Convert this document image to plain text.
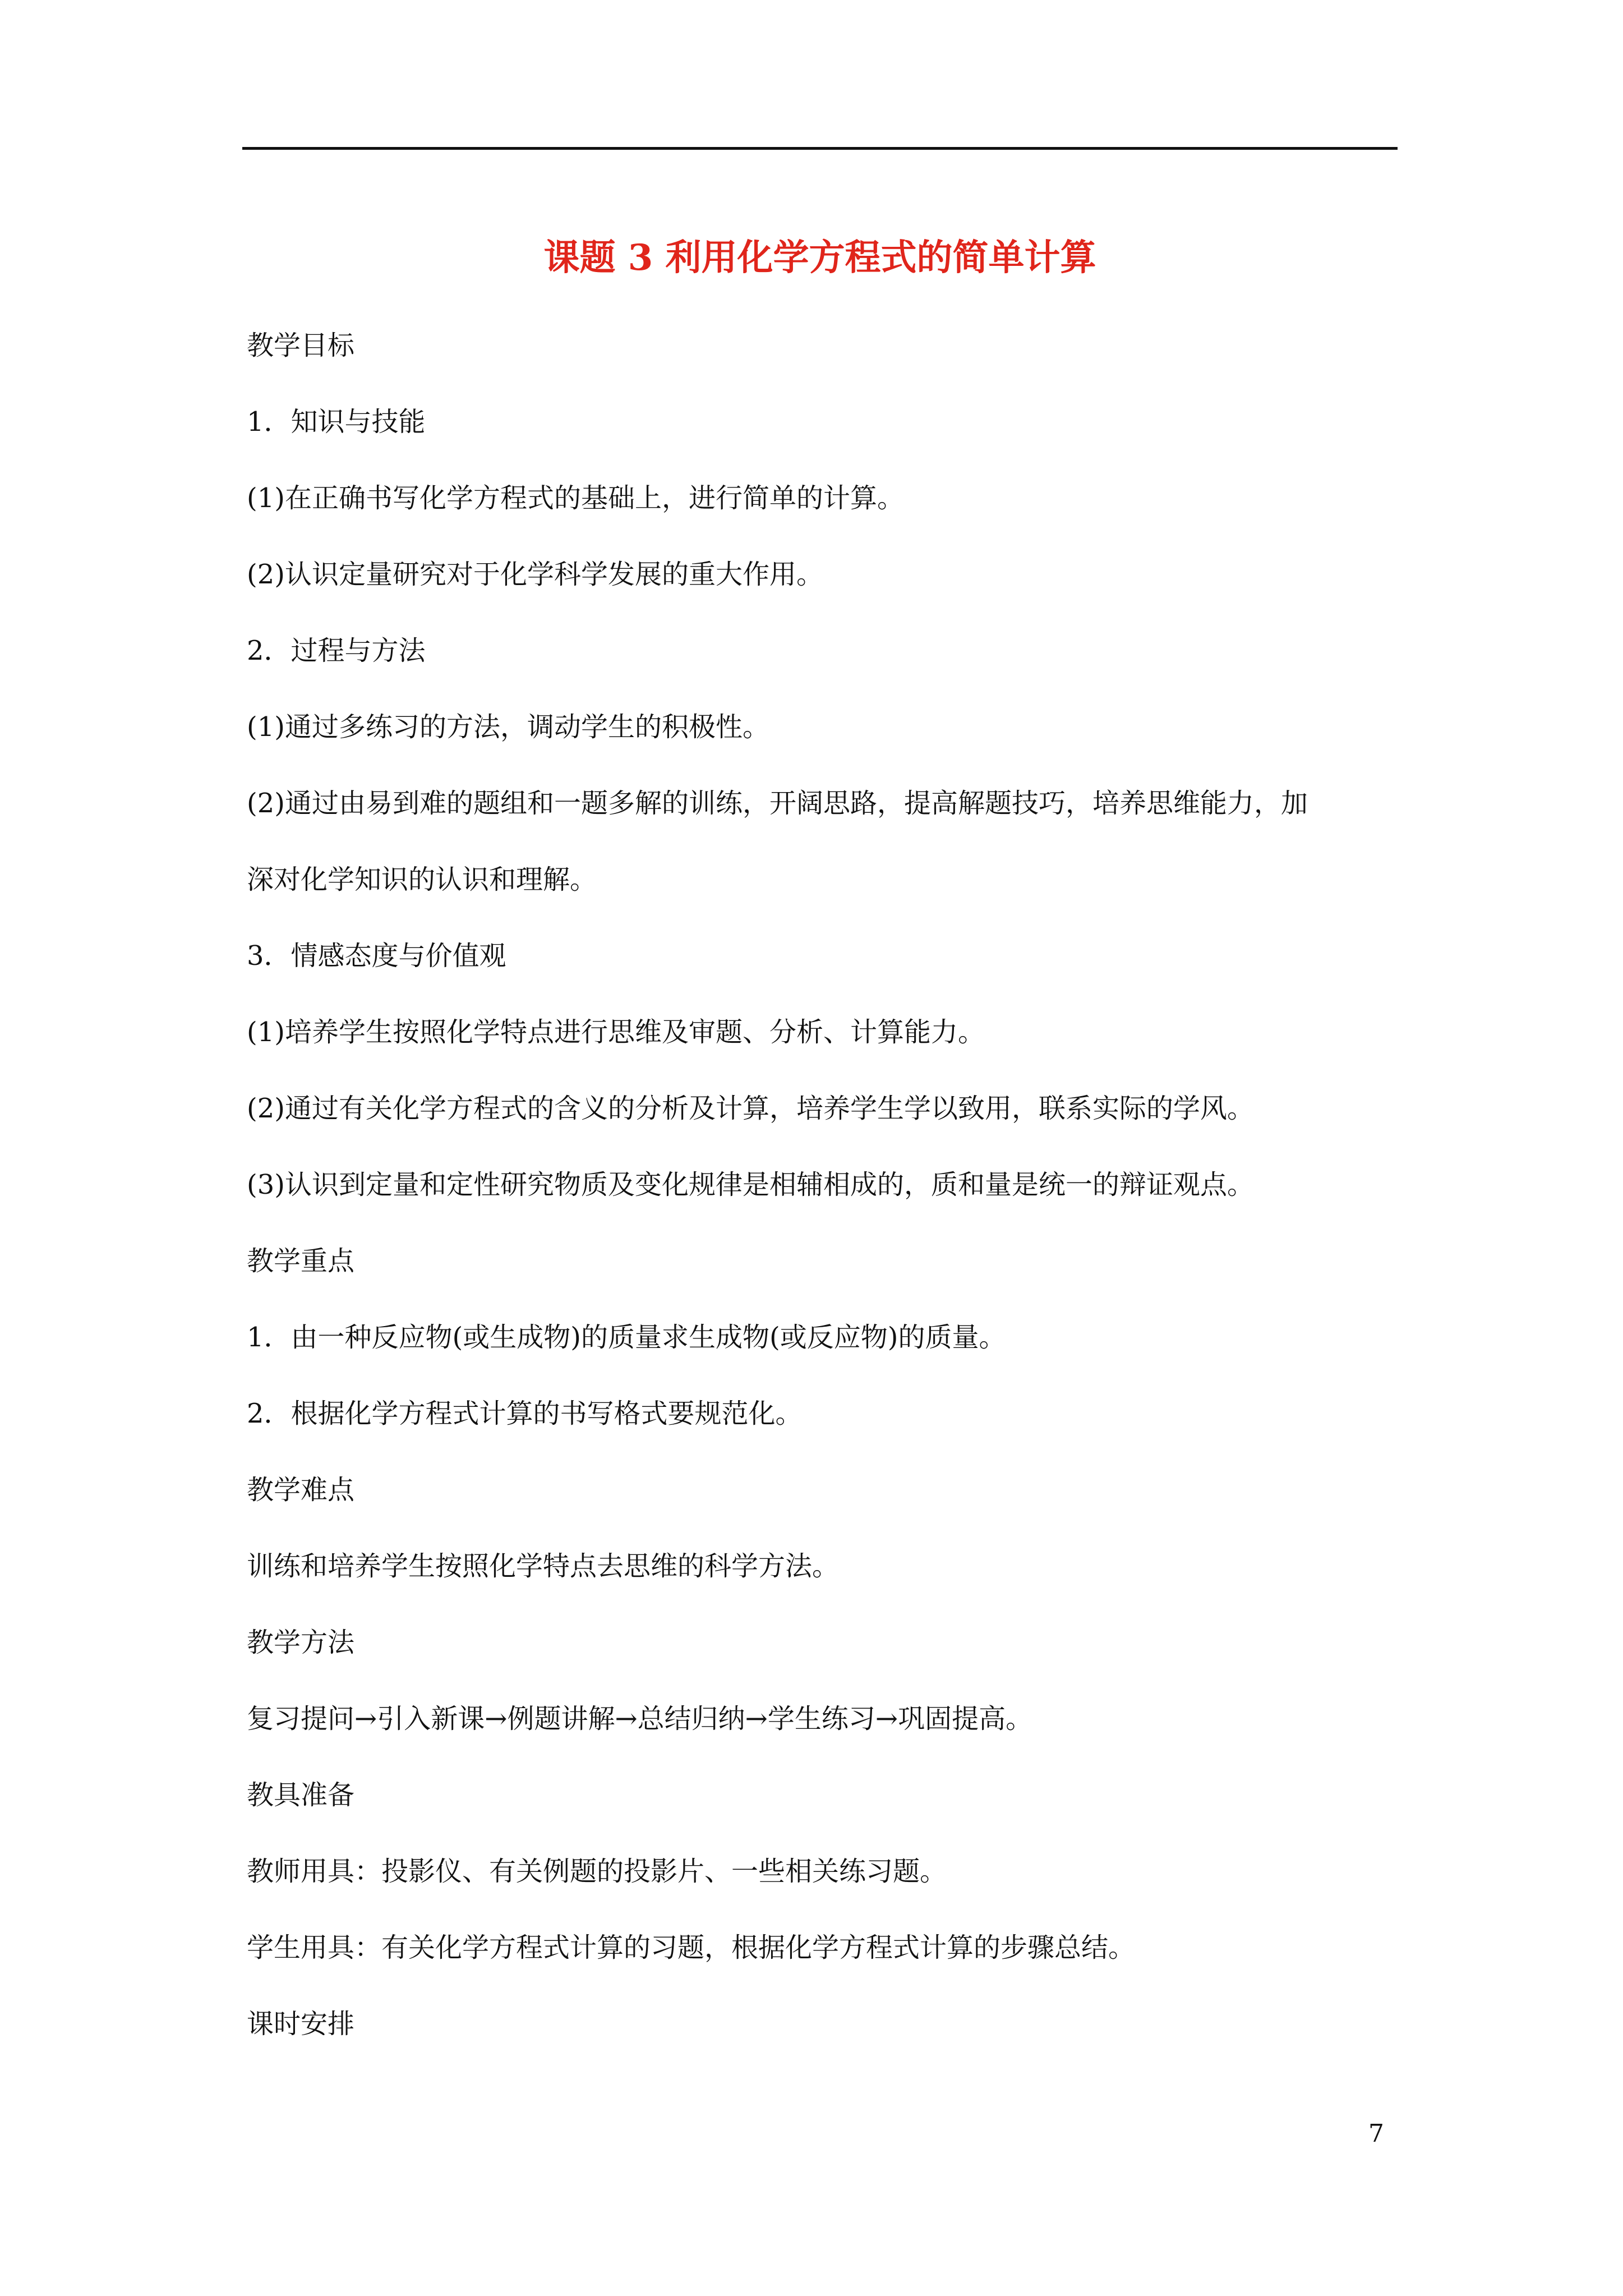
课题 3 利用化学方程式的简单计算
教学目标
1．知识与技能
(1)在正确书写化学方程式的基础上，进行简单的计算。
(2)认识定量研究对于化学科学发展的重大作用。
2．过程与方法
(1)通过多练习的方法，调动学生的积极性。
(2)通过由易到难的题组和一题多解的训练，开阔思路，提高解题技巧，培养思维能力，加
深对化学知识的认识和理解。
3．情感态度与价值观
(1)培养学生按照化学特点进行思维及审题、分析、计算能力。
(2)通过有关化学方程式的含义的分析及计算，培养学生学以致用，联系实际的学风。
(3)认识到定量和定性研究物质及变化规律是相辅相成的，质和量是统一的辩证观点。
教学重点
1．由一种反应物(或生成物)的质量求生成物(或反应物)的质量。
2．根据化学方程式计算的书写格式要规范化。
教学难点
训练和培养学生按照化学特点去思维的科学方法。
教学方法
复习提问→引入新课→例题讲解→总结归纳→学生练习→巩固提高。
教具准备
教师用具：投影仪、有关例题的投影片、一些相关练习题。
学生用具：有关化学方程式计算的习题，根据化学方程式计算的步骤总结。
课时安排
7
